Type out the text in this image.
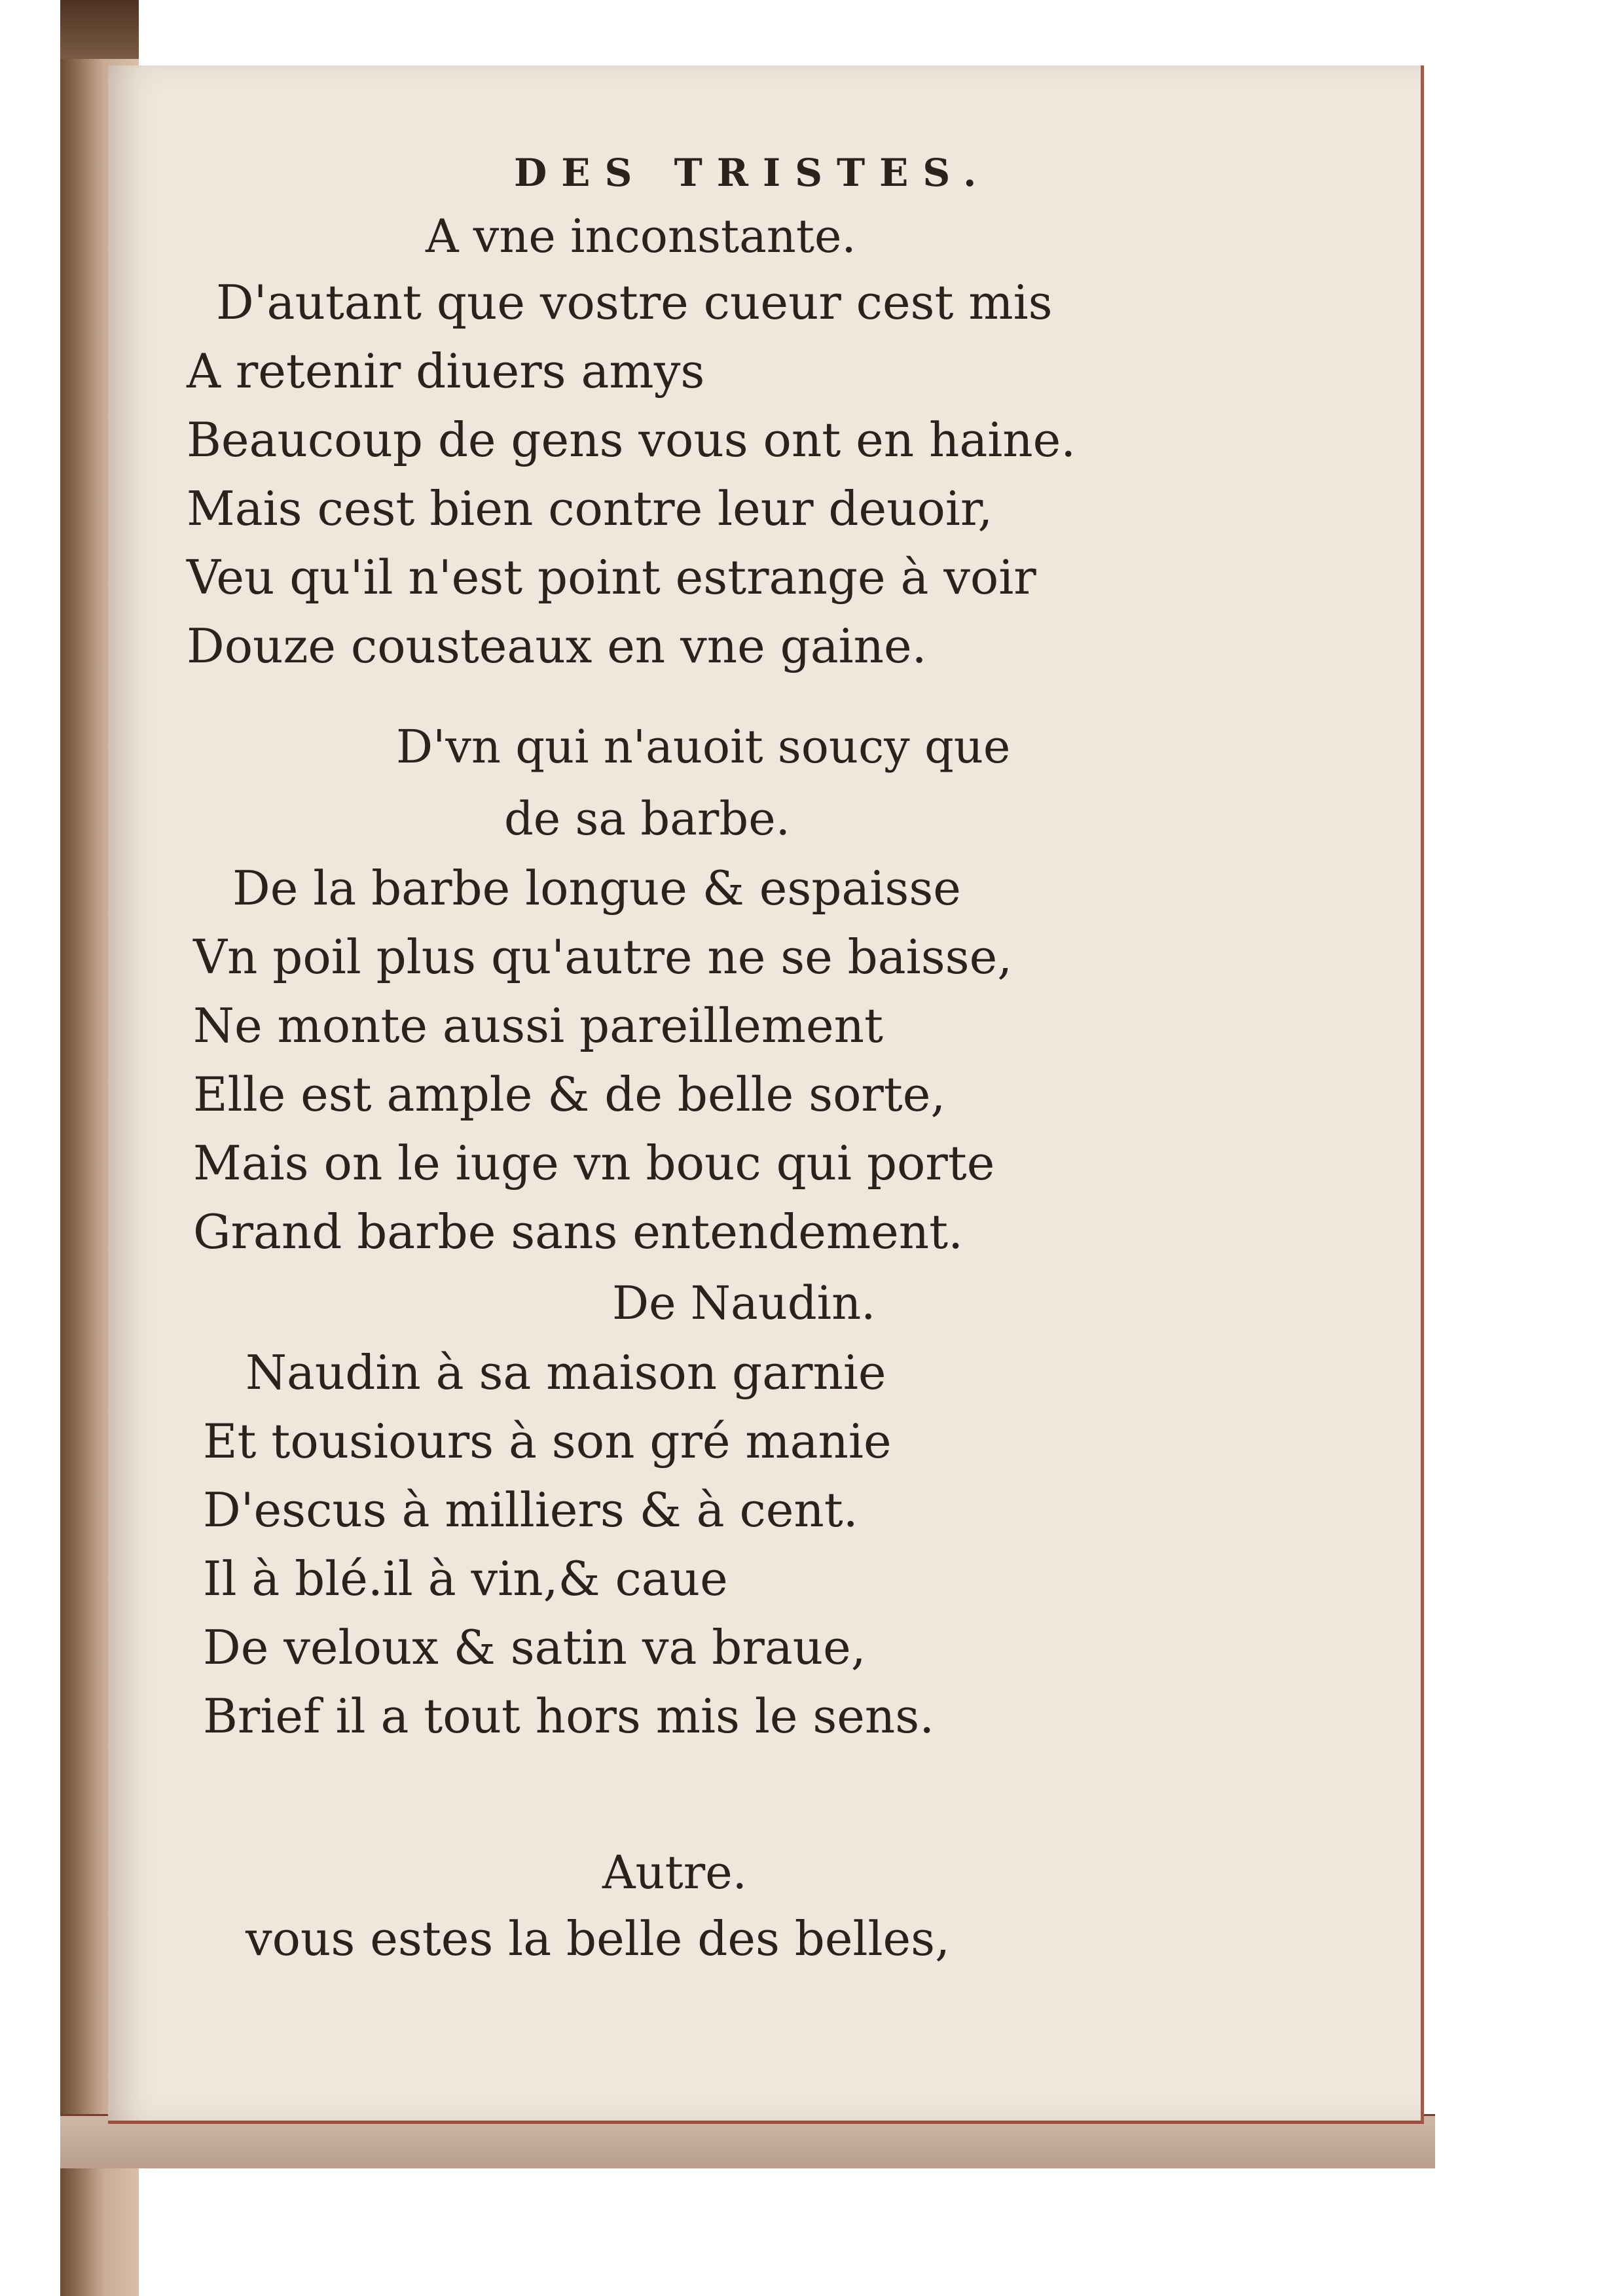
DES TRISTES.
A vne inconstante.
D'autant que vostre cueur cest mis
A retenir diuers amys
Beaucoup de gens vous ont en haine.
Mais cest bien contre leur deuoir,
Veu qu'il n'est point estrange à voir
Douze cousteaux en vne gaine.
D'vn qui n'auoit soucy que
de sa barbe.
De la barbe longue & espaisse
Vn poil plus qu'autre ne se baisse,
Ne monte aussi pareillement
Elle est ample & de belle sorte,
Mais on le iuge vn bouc qui porte
Grand barbe sans entendement.
De Naudin.
Naudin à sa maison garnie
Et tousiours à son gré manie
D'escus à milliers & à cent.
Il à blé.il à vin,& caue
De veloux & satin va braue,
Brief il a tout hors mis le sens.
Autre.
vous estes la belle des belles,
